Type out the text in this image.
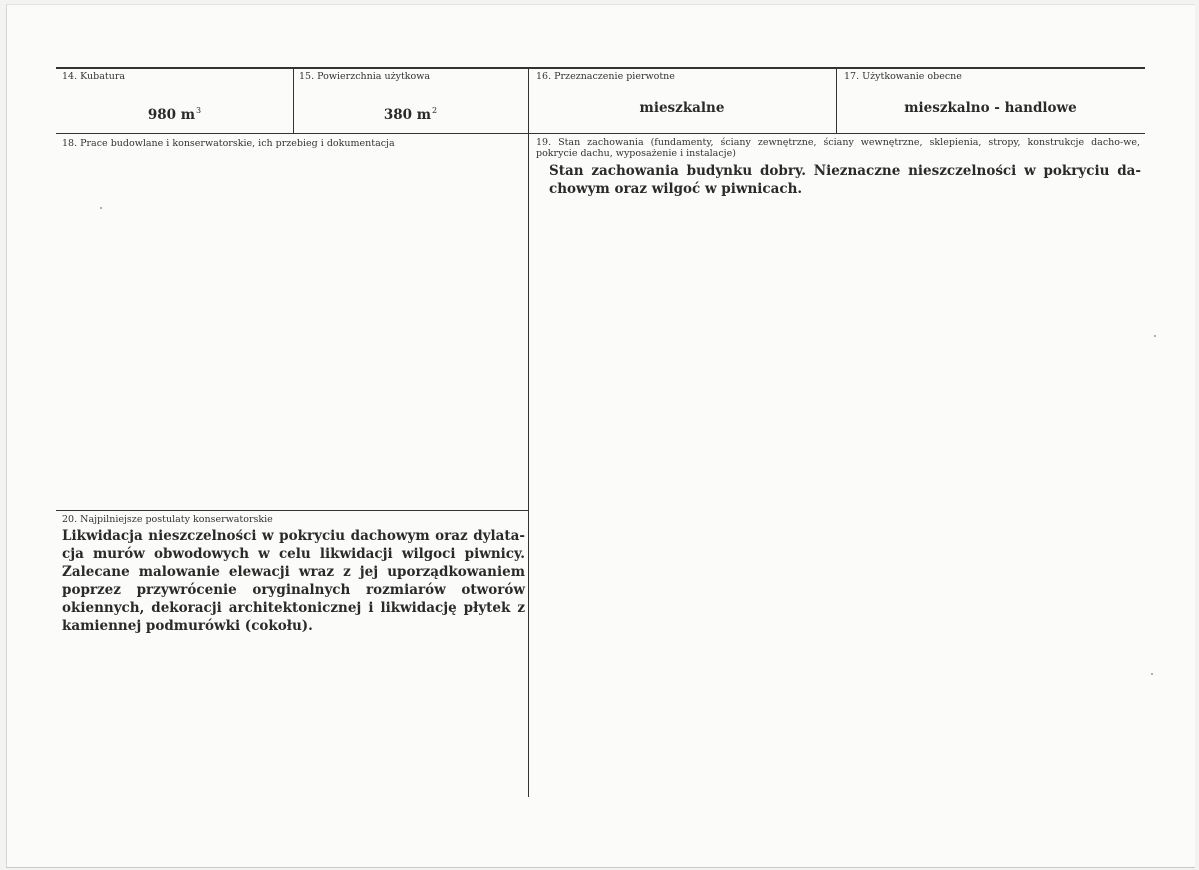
14. Kubatura
980 $m^3$
15. Powierzchnia użytkowa
380 $m^2$
16. Przeznaczenie pierwotne
mieszkalne
17. Użytkowanie obecne
mieszkalno - handlowe
18. Prace budowlane i konserwatorskie, ich przebieg i dokumentacja	19. Stan zachowania (fundamenty, ściany zewnętrzne, ściany wewnętrzne, sklepienia, stropy, konstrukcje dacho-we, pokrycie dachu, wyposażenie i instalacje)
Stan zachowania budynku dobry. Nieznaczne nieszczelności w pokryciu da-chowym oraz wilgoć w piwnicach.
20. Najpilniejsze postulaty konserwatorskie
Likwidacja nieszczelności w pokryciu dachowym oraz dylata-cja murów obwodowych w celu likwidacji wilgoci piwnicy. Zalecane malowanie elewacji wraz z jej uporządkowaniem poprzez przywrócenie oryginalnych rozmiarów otworów okiennych, dekoracji architektonicznej i likwidację płytek z kamiennej podmurówki (cokołu).
